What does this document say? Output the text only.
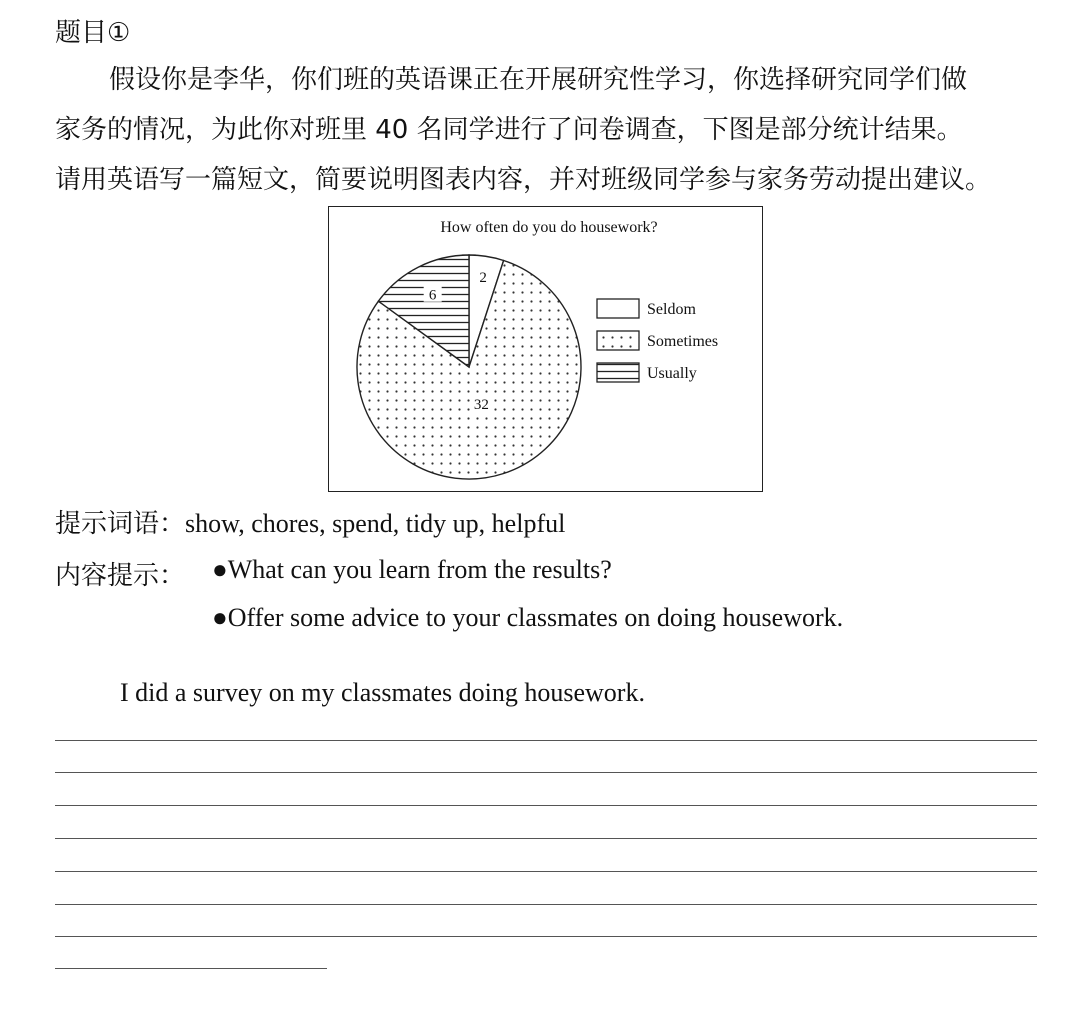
题目①

假设你是李华，你们班的英语课正在开展研究性学习，你选择研究同学们做

家务的情况，为此你对班里 40 名同学进行了问卷调查，下图是部分统计结果。

请用英语写一篇短文，简要说明图表内容，并对班级同学参与家务劳动提出建议。

How often do you do housework?
2
32
6
Seldom
Sometimes
Usually
提示词语：show, chores, spend, tidy up, helpful
内容提示： ●What can you learn from the results?
●Offer some advice to your classmates on doing housework.
I did a survey on my classmates doing housework.
